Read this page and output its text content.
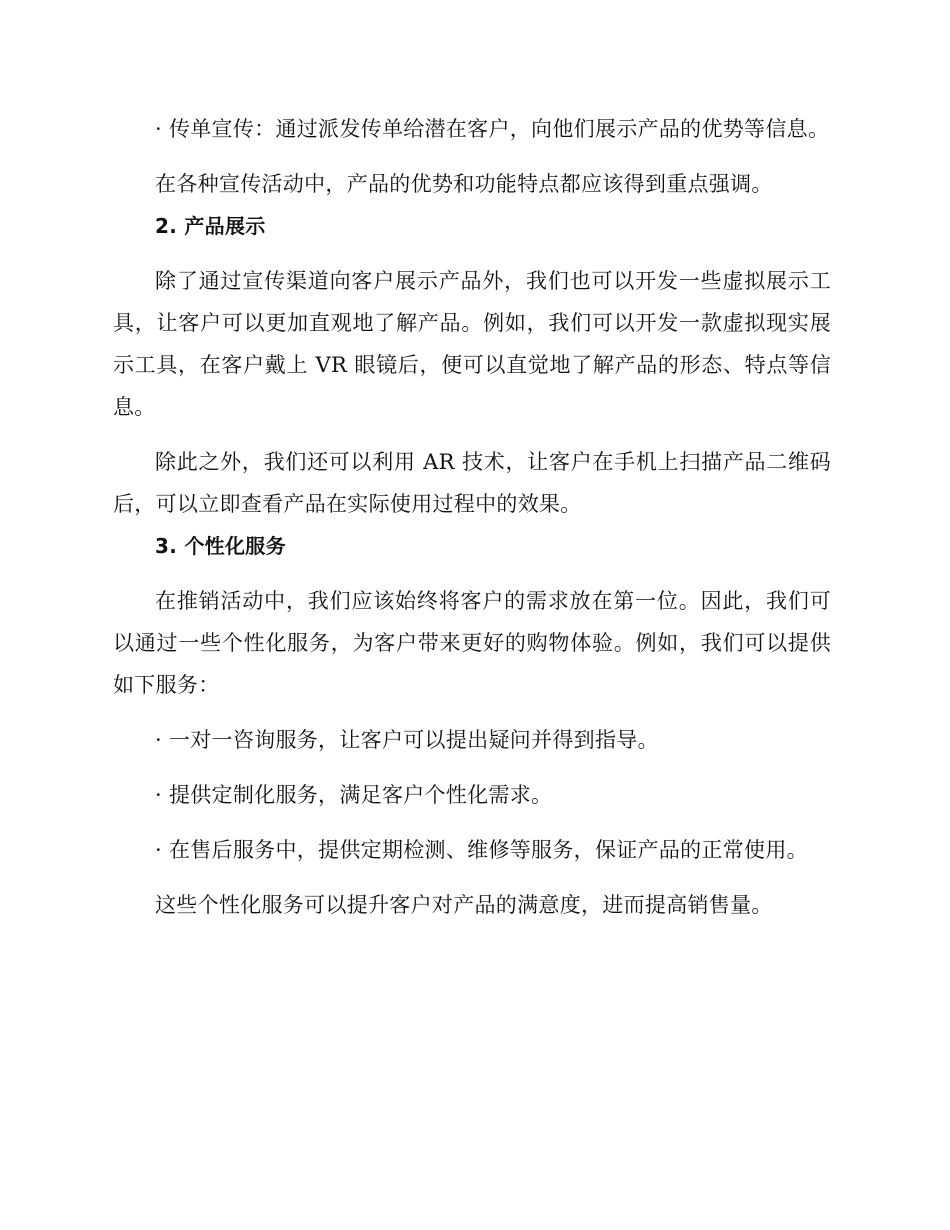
· 传单宣传：通过派发传单给潜在客户，向他们展示产品的优势等信息。

在各种宣传活动中，产品的优势和功能特点都应该得到重点强调。

2. 产品展示

除了通过宣传渠道向客户展示产品外，我们也可以开发一些虚拟展示工具，让客户可以更加直观地了解产品。例如，我们可以开发一款虚拟现实展示工具，在客户戴上 VR 眼镜后，便可以直觉地了解产品的形态、特点等信息。

除此之外，我们还可以利用 AR 技术，让客户在手机上扫描产品二维码后，可以立即查看产品在实际使用过程中的效果。

3. 个性化服务

在推销活动中，我们应该始终将客户的需求放在第一位。因此，我们可以通过一些个性化服务，为客户带来更好的购物体验。例如，我们可以提供如下服务：

· 一对一咨询服务，让客户可以提出疑问并得到指导。

· 提供定制化服务，满足客户个性化需求。

· 在售后服务中，提供定期检测、维修等服务，保证产品的正常使用。

这些个性化服务可以提升客户对产品的满意度，进而提高销售量。
